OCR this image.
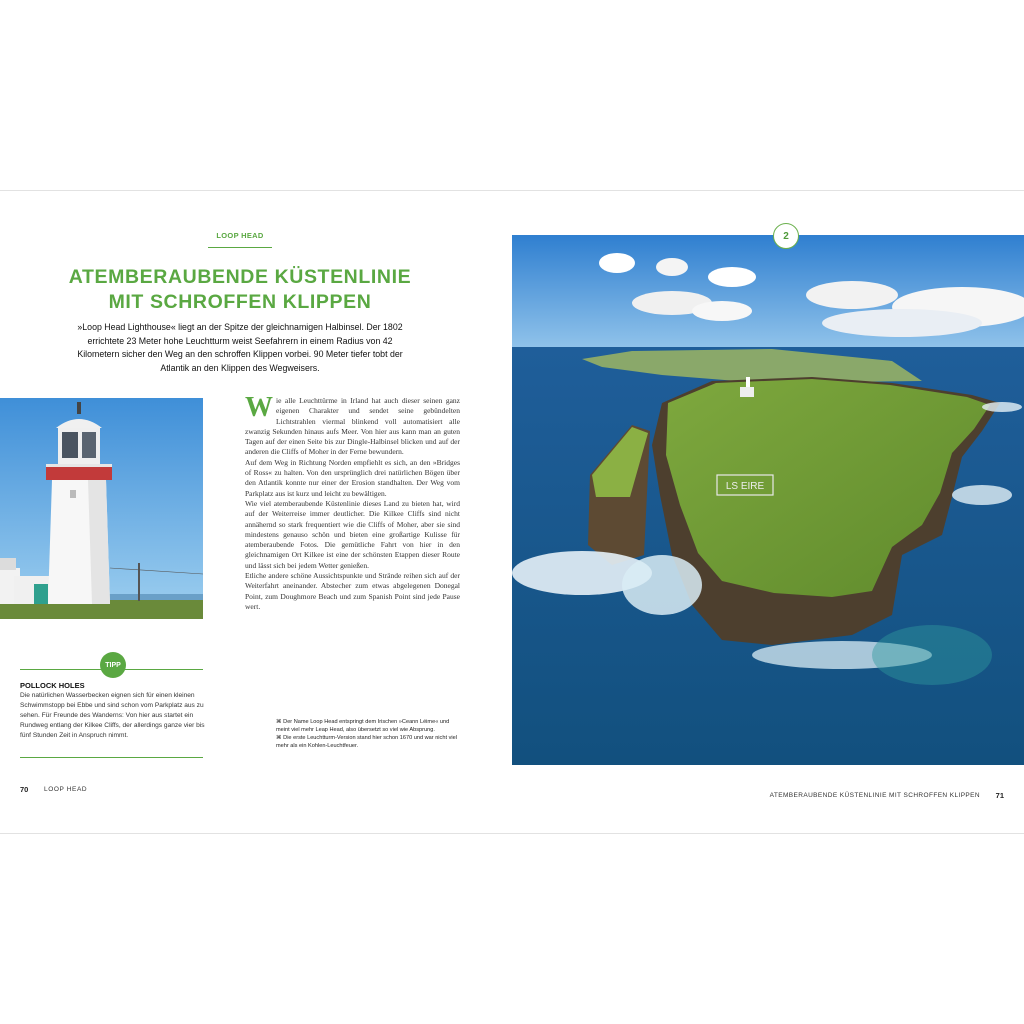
LOOP HEAD
ATEMBERAUBENDE KÜSTENLINIE
MIT SCHROFFEN KLIPPEN

»Loop Head Lighthouse« liegt an der Spitze der gleichnamigen Halbinsel. Der 1802 errichtete 23 Meter hohe Leuchtturm weist Seefahrern in einem Radius von 42 Kilometern sicher den Weg an den schroffen Klippen vorbei. 90 Meter tiefer tobt der Atlantik an den Klippen des Wegweisers.

Wie alle Leuchttürme in Irland hat auch dieser seinen ganz eigenen Charakter und sendet seine gebündelten Lichtstrahlen viermal blinkend voll automatisiert alle zwanzig Sekunden hinaus aufs Meer. Von hier aus kann man an guten Tagen auf der einen Seite bis zur Dingle-Halbinsel blicken und auf der anderen die Cliffs of Moher in der Ferne bewundern.

Auf dem Weg in Richtung Norden empfiehlt es sich, an den »Bridges of Ross« zu halten. Von den ursprünglich drei natürlichen Bögen über den Atlantik konnte nur einer der Erosion standhalten. Der Weg vom Parkplatz aus ist kurz und leicht zu bewältigen.

Wie viel atemberaubende Küstenlinie dieses Land zu bieten hat, wird auf der Weiterreise immer deutlicher. Die Kilkee Cliffs sind nicht annähernd so stark frequentiert wie die Cliffs of Moher, aber sie sind mindestens genauso schön und bieten eine großartige Kulisse für atemberaubende Fotos. Die gemütliche Fahrt von hier in den gleichnamigen Ort Kilkee ist eine der schönsten Etappen dieser Route und lässt sich bei jedem Wetter genießen.

Etliche andere schöne Aussichtspunkte und Strände reihen sich auf der Weiterfahrt aneinander. Abstecher zum etwas abgelegenen Donegal Point, zum Doughmore Beach und zum Spanish Point sind jede Pause wert.

TIPP
POLLOCK HOLES

Die natürlichen Wasserbecken eignen sich für einen kleinen Schwimmstopp bei Ebbe und sind schon vom Parkplatz aus zu sehen. Für Freunde des Wanderns: Von hier aus startet ein Rundweg entlang der Kilkee Cliffs, der allerdings ganze vier bis fünf Stunden Zeit in Anspruch nimmt.

⌘ Der Name Loop Head entspringt dem Irischen »Ceann Léime« und meint viel mehr Leap Head, also übersetzt so viel wie Absprung.
⌘ Die erste Leuchtturm-Version stand hier schon 1670 und war nicht viel mehr als ein Kohlen-Leuchtfeuer.
70 LOOP HEAD
LS EIRE
2
ATEMBERAUBENDE KÜSTENLINIE MIT SCHROFFEN KLIPPEN 71
